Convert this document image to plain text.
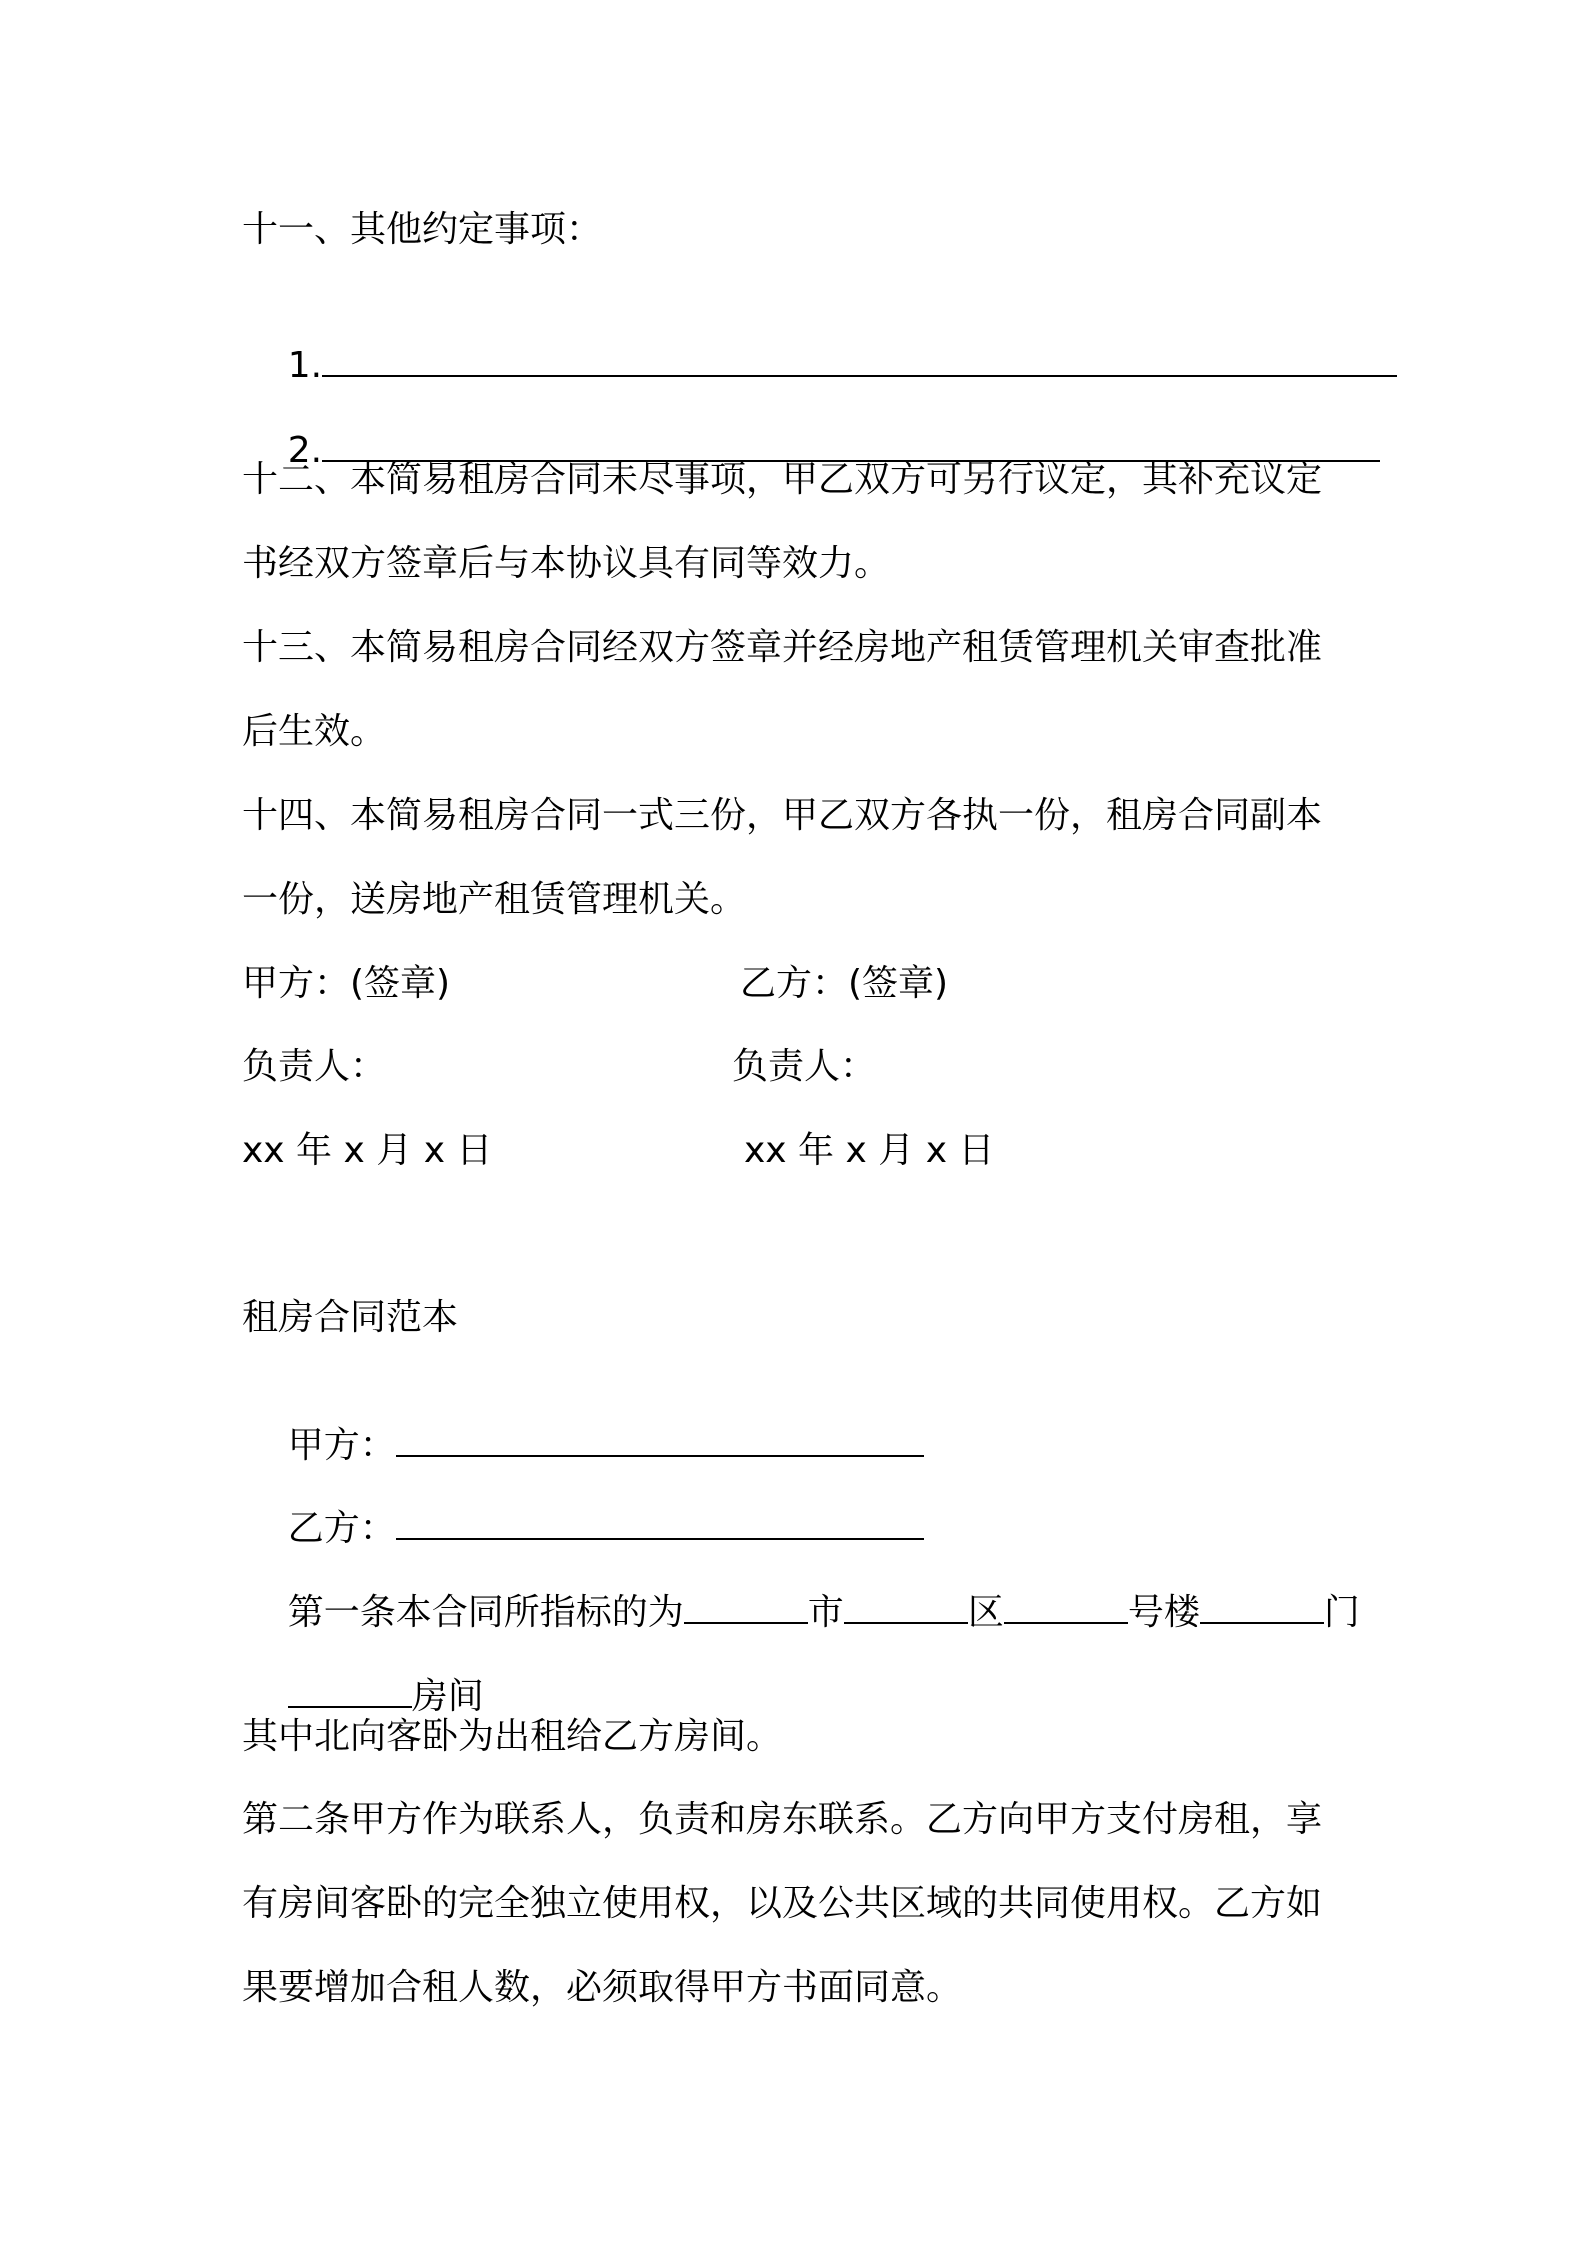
十一、其他约定事项：

1.

2.

十二、本简易租房合同未尽事项，甲乙双方可另行议定，其补充议定
书经双方签章后与本协议具有同等效力。
十三、本简易租房合同经双方签章并经房地产租赁管理机关审查批准
后生效。
十四、本简易租房合同一式三份，甲乙双方各执一份，租房合同副本
一份，送房地产租赁管理机关。
甲方：(签章)	乙方：(签章)
负责人：	负责人：
xx 年 x 月 x 日	xx 年 x 月 x 日
租房合同范本

甲方：

乙方：

第一条本合同所指标的为	市	区	号楼	门

房间

其中北向客卧为出租给乙方房间。
第二条甲方作为联系人，负责和房东联系。乙方向甲方支付房租，享
有房间客卧的完全独立使用权，以及公共区域的共同使用权。乙方如
果要增加合租人数，必须取得甲方书面同意。
